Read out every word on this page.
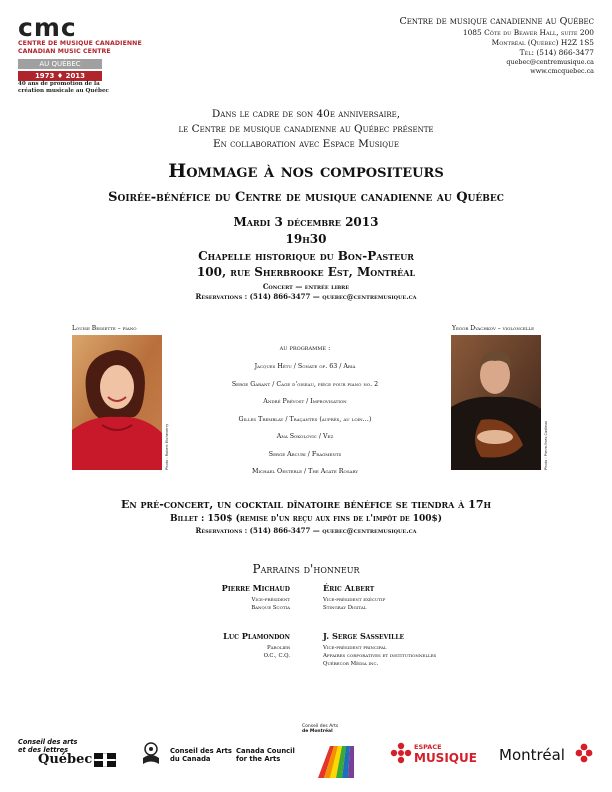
cmc
CENTRE DE MUSIQUE CANADIENNE
CANADIAN MUSIC CENTRE
AU QUÉBEC
1973 ♦ 2013
40 ans de promotion de la
création musicale au Québec
Centre de musique canadienne au Québec
1085 Côte du Beaver Hall, suite 200
Montréal (Québec) H2Z 1S5
Tél: (514) 866-3477
quebec@centremusique.ca
www.cmcquebec.ca
Dans le cadre de son 40e anniversaire,
le Centre de musique canadienne au Québec présente
En collaboration avec Espace Musique
Hommage à nos compositeurs
Soirée-bénéfice du Centre de musique canadienne au Québec
Mardi 3 décembre 2013
19h30
Chapelle historique du Bon-Pasteur
100, rue Sherbrooke Est, Montréal
Concert — entrée libre
Réservations : (514) 866-3477 — quebec@centremusique.ca
Louise Bessette – piano
Photo : Robert Etcheverry
Yegor Dyachkov – violoncelle
Photo : Pierre-Yves Cadieux
au programme :
Jacques Hétu / Sonate op. 63 / Aria
Serge Garant / Cage d'oiseau, pièce pour piano no. 2
André Prévost / Improvisation
Gilles Tremblay / Traçantes (auprès, au loin…)
Ana Sokolovic / Vez
Serge Arcuri / Fragments
Michael Oesterle / The Agate Rosary
En pré-concert, un cocktail dînatoire bénéfice se tiendra à 17h
Billet : 150$ (remise d'un reçu aux fins de l'impôt de 100$)
Réservations : (514) 866-3477 — quebec@centremusique.ca
Parrains d'honneur
Pierre Michaud
Vice-président
Banque Scotia
Éric Albert
Vice-président exécutif
Stingray Digital
Luc Plamondon
Parolier
O.C., C.Q.
J. Serge Sasseville
Vice-président principal
Affaires corporatives et institutionnelles
Québecor Média inc.
Conseil des arts
et des lettres
Québec
Conseil des Arts
du Canada
Canada Council
for the Arts
Conseil des Arts
de Montréal
ESPACE
MUSIQUE Montréal
